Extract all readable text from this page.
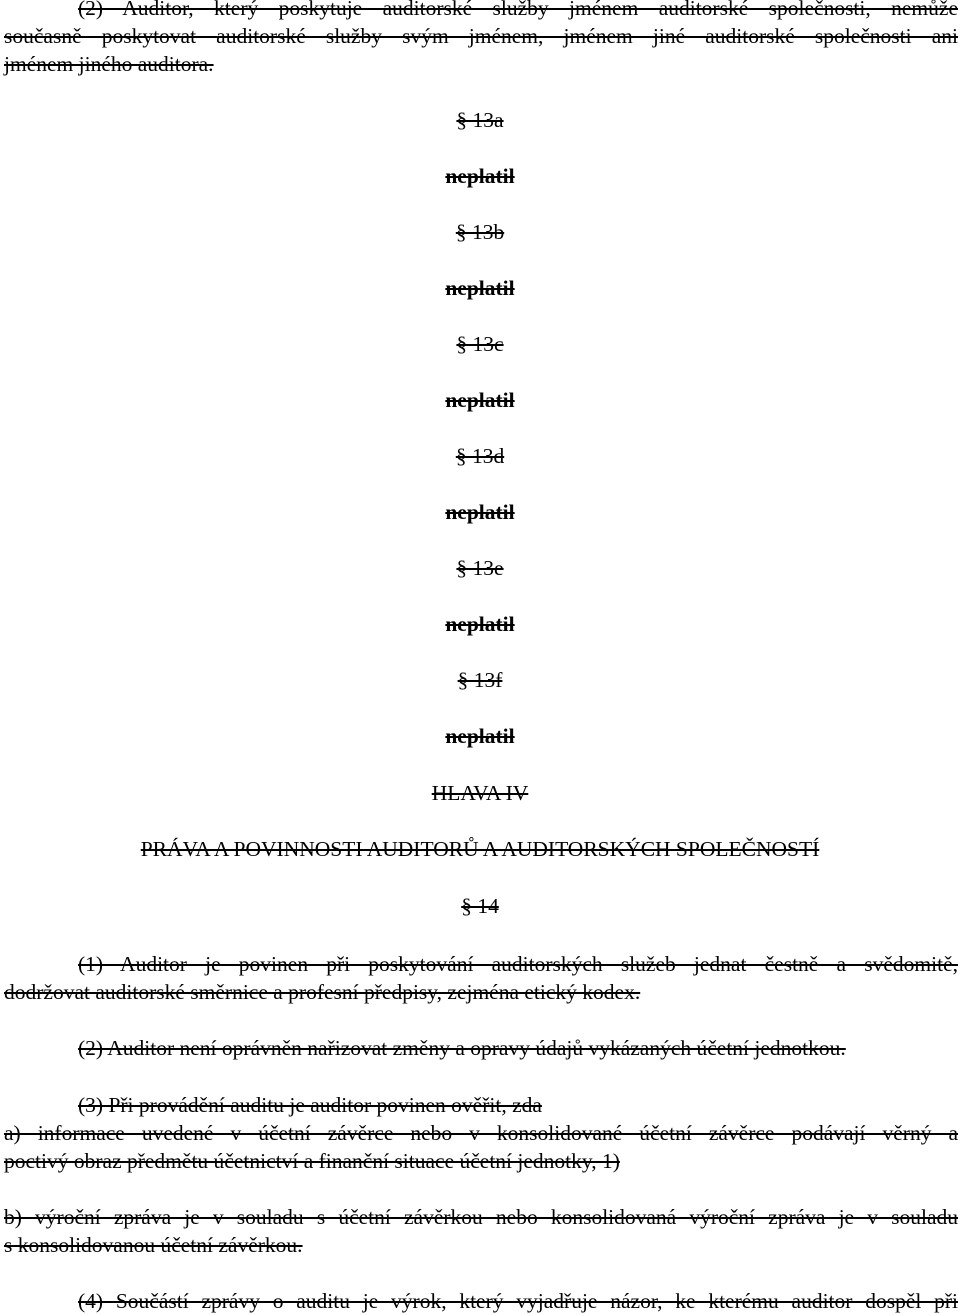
(2) Auditor, který poskytuje auditorské služby jménem auditorské společnosti, nemůže
současně poskytovat auditorské služby svým jménem, jménem jiné auditorské společnosti ani
jménem jiného auditora.
§ 13a
neplatil
§ 13b
neplatil
§ 13c
neplatil
§ 13d
neplatil
§ 13e
neplatil
§ 13f
neplatil
HLAVA IV
PRÁVA A POVINNOSTI AUDITORŮ A AUDITORSKÝCH SPOLEČNOSTÍ
§ 14
(1) Auditor je povinen při poskytování auditorských služeb jednat čestně a svědomitě,
dodržovat auditorské směrnice a profesní předpisy, zejména etický kodex.
(2) Auditor není oprávněn nařizovat změny a opravy údajů vykázaných účetní jednotkou.
(3) Při provádění auditu je auditor povinen ověřit, zda
a) informace uvedené v účetní závěrce nebo v konsolidované účetní závěrce podávají věrný a
poctivý obraz předmětu účetnictví a finanční situace účetní jednotky, 1)
b) výroční zpráva je v souladu s účetní závěrkou nebo konsolidovaná výroční zpráva je v souladu
s konsolidovanou účetní závěrkou.
(4) Součástí zprávy o auditu je výrok, který vyjadřuje názor, ke kterému auditor dospěl při
